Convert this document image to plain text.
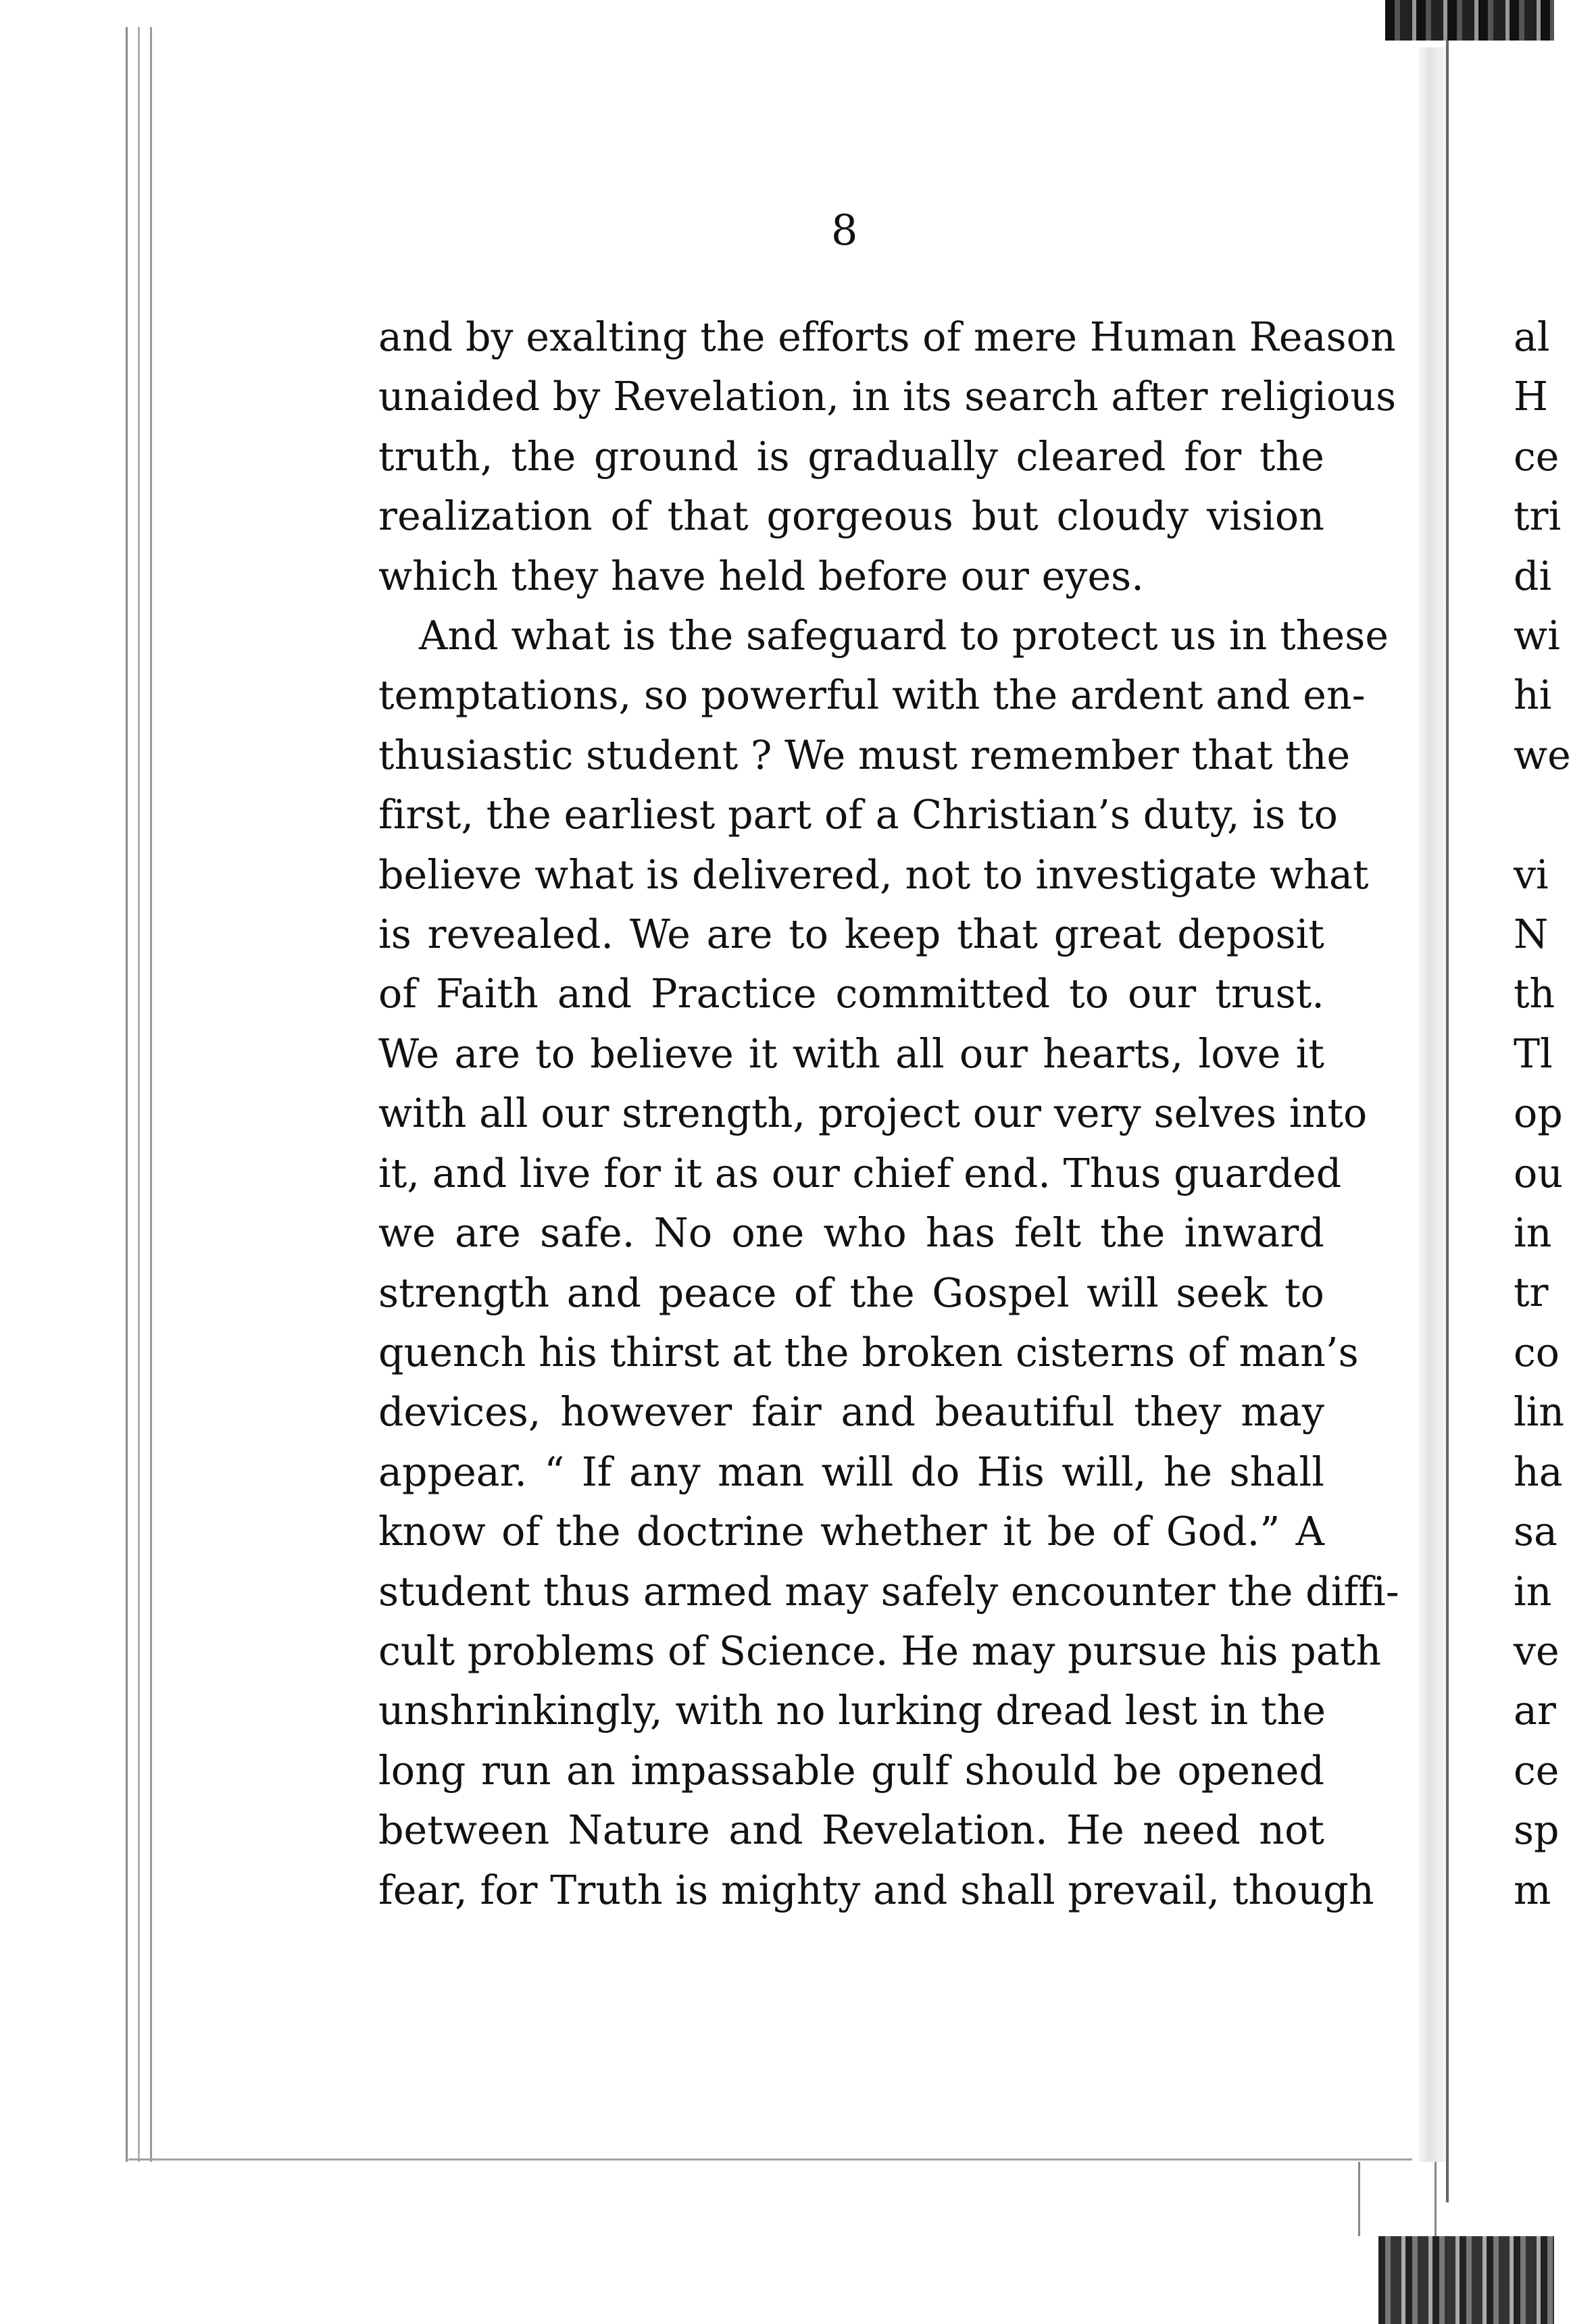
8
and by exalting the efforts of mere Human Reason
unaided by Revelation, in its search after religious
truth, the ground is gradually cleared for the
realization of that gorgeous but cloudy vision
which they have held before our eyes.
And what is the safeguard to protect us in these
temptations, so powerful with the ardent and en-
thusiastic student ? We must remember that the
first, the earliest part of a Christian’s duty, is to
believe what is delivered, not to investigate what
is revealed. We are to keep that great deposit
of Faith and Practice committed to our trust.
We are to believe it with all our hearts, love it
with all our strength, project our very selves into
it, and live for it as our chief end. Thus guarded
we are safe. No one who has felt the inward
strength and peace of the Gospel will seek to
quench his thirst at the broken cisterns of man’s
devices, however fair and beautiful they may
appear. “ If any man will do His will, he shall
know of the doctrine whether it be of God.” A
student thus armed may safely encounter the diffi-
cult problems of Science. He may pursue his path
unshrinkingly, with no lurking dread lest in the
long run an impassable gulf should be opened
between Nature and Revelation. He need not
fear, for Truth is mighty and shall prevail, though
al
H
ce
tri
di
wi
hi
we
vi
N
th
Tl
op
ou
in
tr
co
lin
ha
sa
in
ve
ar
ce
sp
m
